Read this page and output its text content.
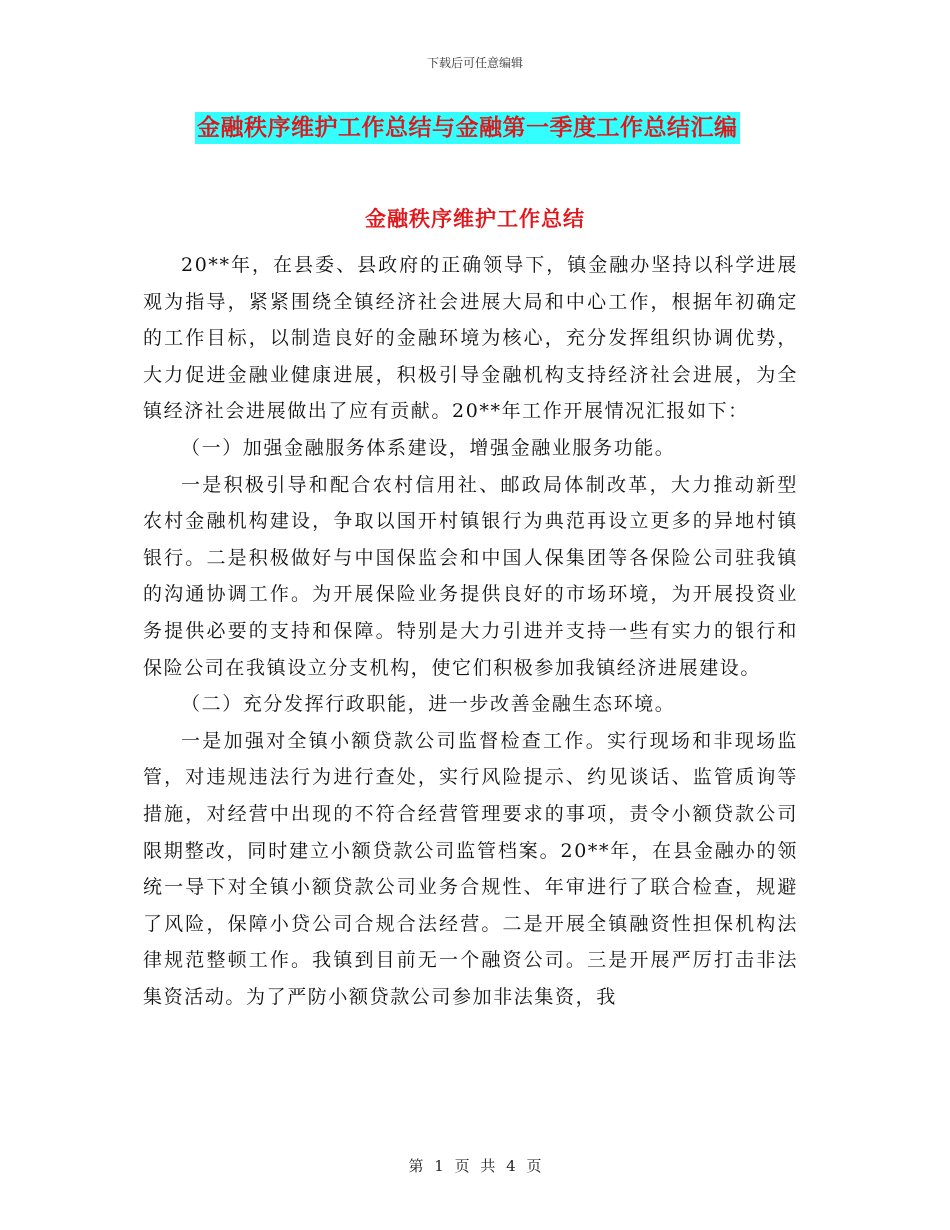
下载后可任意编辑
金融秩序维护工作总结与金融第一季度工作总结汇编
金融秩序维护工作总结

20**年，在县委、县政府的正确领导下，镇金融办坚持以科学进展观为指导，紧紧围绕全镇经济社会进展大局和中心工作，根据年初确定的工作目标，以制造良好的金融环境为核心，充分发挥组织协调优势，大力促进金融业健康进展，积极引导金融机构支持经济社会进展，为全镇经济社会进展做出了应有贡献。20**年工作开展情况汇报如下：

（一）加强金融服务体系建设，增强金融业服务功能。

一是积极引导和配合农村信用社、邮政局体制改革，大力推动新型农村金融机构建设，争取以国开村镇银行为典范再设立更多的异地村镇银行。二是积极做好与中国保监会和中国人保集团等各保险公司驻我镇的沟通协调工作。为开展保险业务提供良好的市场环境，为开展投资业务提供必要的支持和保障。特别是大力引进并支持一些有实力的银行和保险公司在我镇设立分支机构，使它们积极参加我镇经济进展建设。

（二）充分发挥行政职能，进一步改善金融生态环境。

一是加强对全镇小额贷款公司监督检查工作。实行现场和非现场监管，对违规违法行为进行查处，实行风险提示、约见谈话、监管质询等措施，对经营中出现的不符合经营管理要求的事项，责令小额贷款公司限期整改，同时建立小额贷款公司监管档案。20**年，在县金融办的领统一导下对全镇小额贷款公司业务合规性、年审进行了联合检查，规避了风险，保障小贷公司合规合法经营。二是开展全镇融资性担保机构法律规范整顿工作。我镇到目前无一个融资公司。三是开展严厉打击非法集资活动。为了严防小额贷款公司参加非法集资，我

第 1 页 共 4 页
